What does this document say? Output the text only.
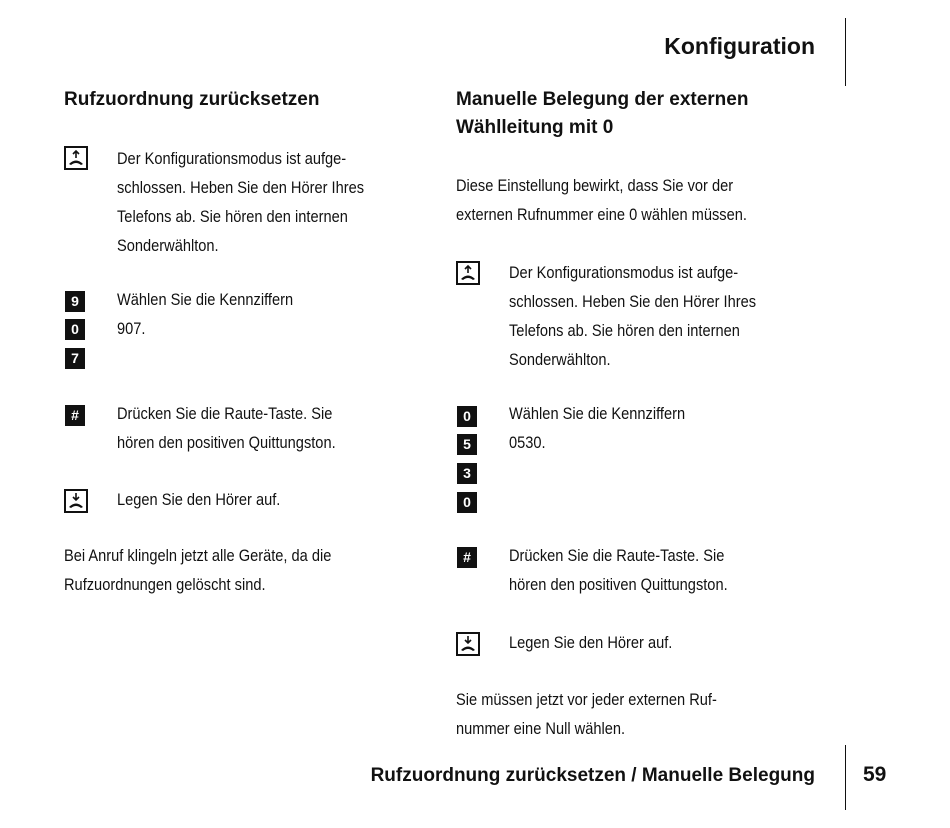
Konfiguration
Rufzuordnung zurücksetzen
Der Konfigurationsmodus ist aufge-
schlossen. Heben Sie den Hörer Ihres
Telefons ab. Sie hören den internen
Sonderwählton.
9
0
7
Wählen Sie die Kennziffern
907.
#	Drücken Sie die Raute-Taste. Sie
hören den positiven Quittungston.
Legen Sie den Hörer auf.
Bei Anruf klingeln jetzt alle Geräte, da die
Rufzuordnungen gelöscht sind.
Manuelle Belegung der externen
Wählleitung mit 0
Diese Einstellung bewirkt, dass Sie vor der
externen Rufnummer eine 0 wählen müssen.
Der Konfigurationsmodus ist aufge-
schlossen. Heben Sie den Hörer Ihres
Telefons ab. Sie hören den internen
Sonderwählton.
0
5
3
0
Wählen Sie die Kennziffern
0530.
#	Drücken Sie die Raute-Taste. Sie
hören den positiven Quittungston.
Legen Sie den Hörer auf.
Sie müssen jetzt vor jeder externen Ruf-
nummer eine Null wählen.
Rufzuordnung zurücksetzen / Manuelle Belegung 59
